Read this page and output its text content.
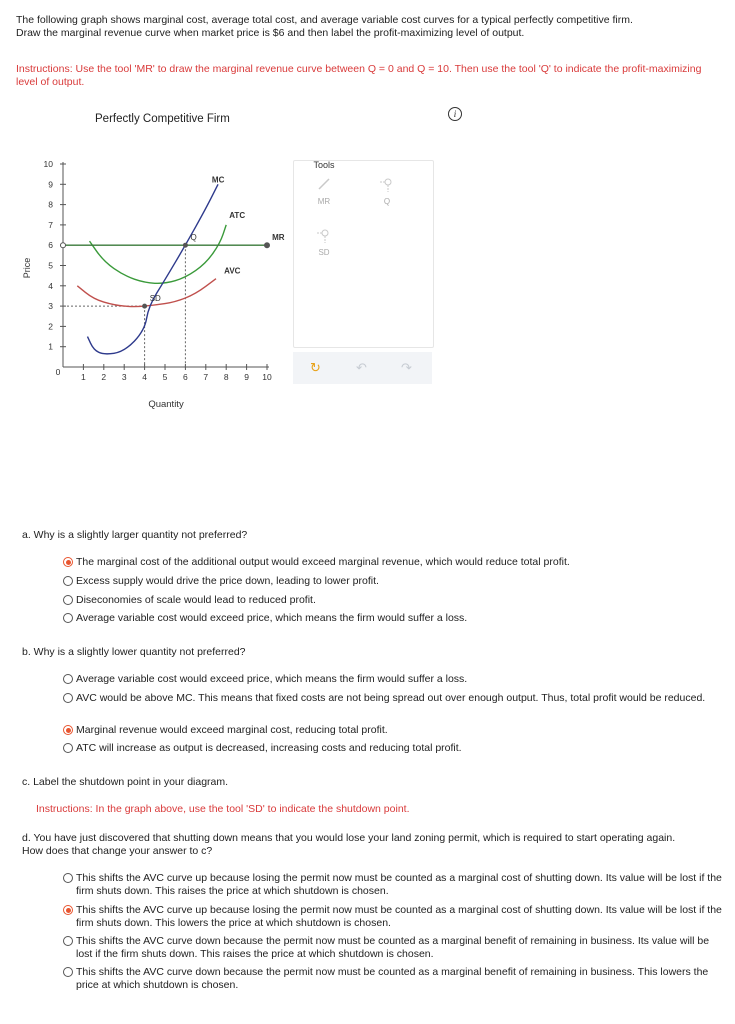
The following graph shows marginal cost, average total cost, and average variable cost curves for a typical perfectly competitive firm.
Draw the marginal revenue curve when market price is $6 and then label the profit-maximizing level of output.
Instructions: Use the tool 'MR' to draw the marginal revenue curve between Q = 0 and Q = 10. Then use the tool 'Q' to indicate the profit-maximizing level of output.
Perfectly Competitive Firm	i
1
2
3
4
5
6
7
8
9
10
0 1 2 3 4 5 6 7 8 9 10
Price
Quantity
MC
ATC
AVC
MR
Q
SD
Tools
MR	Q
SD
↻	↶	↷
a. Why is a slightly larger quantity not preferred?
b. Why is a slightly lower quantity not preferred?
c. Label the shutdown point in your diagram.
Instructions: In the graph above, use the tool 'SD' to indicate the shutdown point.
d. You have just discovered that shutting down means that you would lose your land zoning permit, which is required to start operating again. How does that change your answer to c?
The marginal cost of the additional output would exceed marginal revenue, which would reduce total profit.
Excess supply would drive the price down, leading to lower profit.
Diseconomies of scale would lead to reduced profit.
Average variable cost would exceed price, which means the firm would suffer a loss.
Average variable cost would exceed price, which means the firm would suffer a loss.
AVC would be above MC. This means that fixed costs are not being spread out over enough output. Thus, total profit would be reduced.
Marginal revenue would exceed marginal cost, reducing total profit.
ATC will increase as output is decreased, increasing costs and reducing total profit.
This shifts the AVC curve up because losing the permit now must be counted as a marginal cost of shutting down. Its value will be lost if the firm shuts down. This raises the price at which shutdown is chosen.
This shifts the AVC curve up because losing the permit now must be counted as a marginal cost of shutting down. Its value will be lost if the firm shuts down. This lowers the price at which shutdown is chosen.
This shifts the AVC curve down because the permit now must be counted as a marginal benefit of remaining in business. Its value will be lost if the firm shuts down. This raises the price at which shutdown is chosen.
This shifts the AVC curve down because the permit now must be counted as a marginal benefit of remaining in business. This lowers the price at which shutdown is chosen.
